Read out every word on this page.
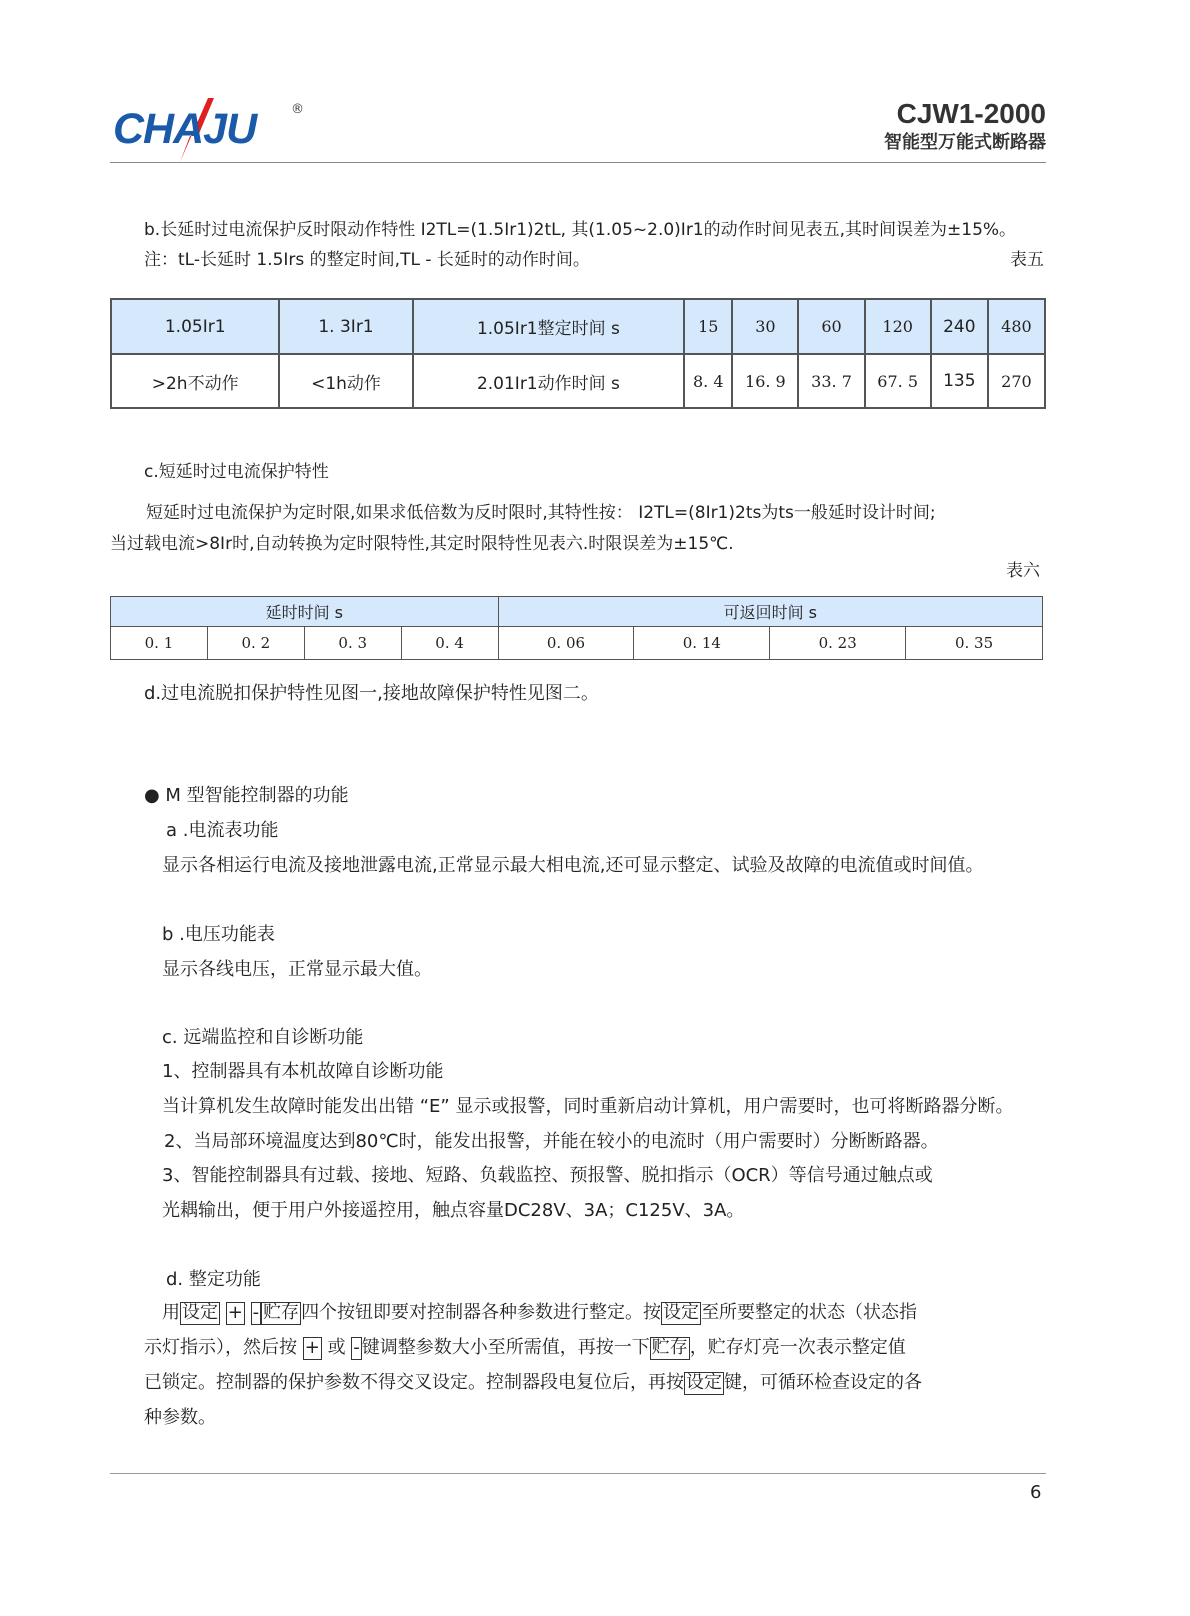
CHAJU	®	CJW1-2000
智能型万能式断路器
b.长延时过电流保护反时限动作特性 I2TL=(1.5Ir1)2tL, 其(1.05~2.0)Ir1的动作时间见表五,其时间误差为±15%。
注：tL-长延时 1.5Irs 的整定时间,TL - 长延时的动作时间。	表五
1.05Ir1	1. 3Ir1	1.05Ir1整定时间 s	15	30	60	120	240	480
>2h不动作	<1h动作	2.01Ir1动作时间 s	8. 4	16. 9	33. 7	67. 5	135	270
c.短延时过电流保护特性
短延时过电流保护为定时限,如果求低倍数为反时限时,其特性按： I2TL=(8Ir1)2ts为ts一般延时设计时间;
当过载电流>8Ir时,自动转换为定时限特性,其定时限特性见表六.时限误差为±15℃.
表六
延时时间 s				可返回时间 s			
0. 1	0. 2	0. 3	0. 4	0. 06	0. 14	0. 23	0. 35
d.过电流脱扣保护特性见图一,接地故障保护特性见图二。
● M 型智能控制器的功能
a .电流表功能
显示各相运行电流及接地泄露电流,正常显示最大相电流,还可显示整定、试验及故障的电流值或时间值。
b .电压功能表
显示各线电压，正常显示最大值。
c. 远端监控和自诊断功能
1、控制器具有本机故障自诊断功能
当计算机发生故障时能发出出错 “E” 显示或报警，同时重新启动计算机，用户需要时，也可将断路器分断。
2、当局部环境温度达到80℃时，能发出报警，并能在较小的电流时（用户需要时）分断断路器。
3、智能控制器具有过载、接地、短路、负载监控、预报警、脱扣指示（OCR）等信号通过触点或
光耦输出，便于用户外接遥控用，触点容量DC28V、3A；C125V、3A。
d. 整定功能
用 设定 + - 贮存 四个按钮即要对控制器各种参数进行整定。按 设定 至所要整定的状态（状态指
示灯指示），然后按 + 或 - 键调整参数大小至所需值，再按一下 贮存 ，贮存灯亮一次表示整定值
已锁定。控制器的保护参数不得交叉设定。控制器段电复位后，再按 设定 键，可循环检查设定的各
种参数。
6
